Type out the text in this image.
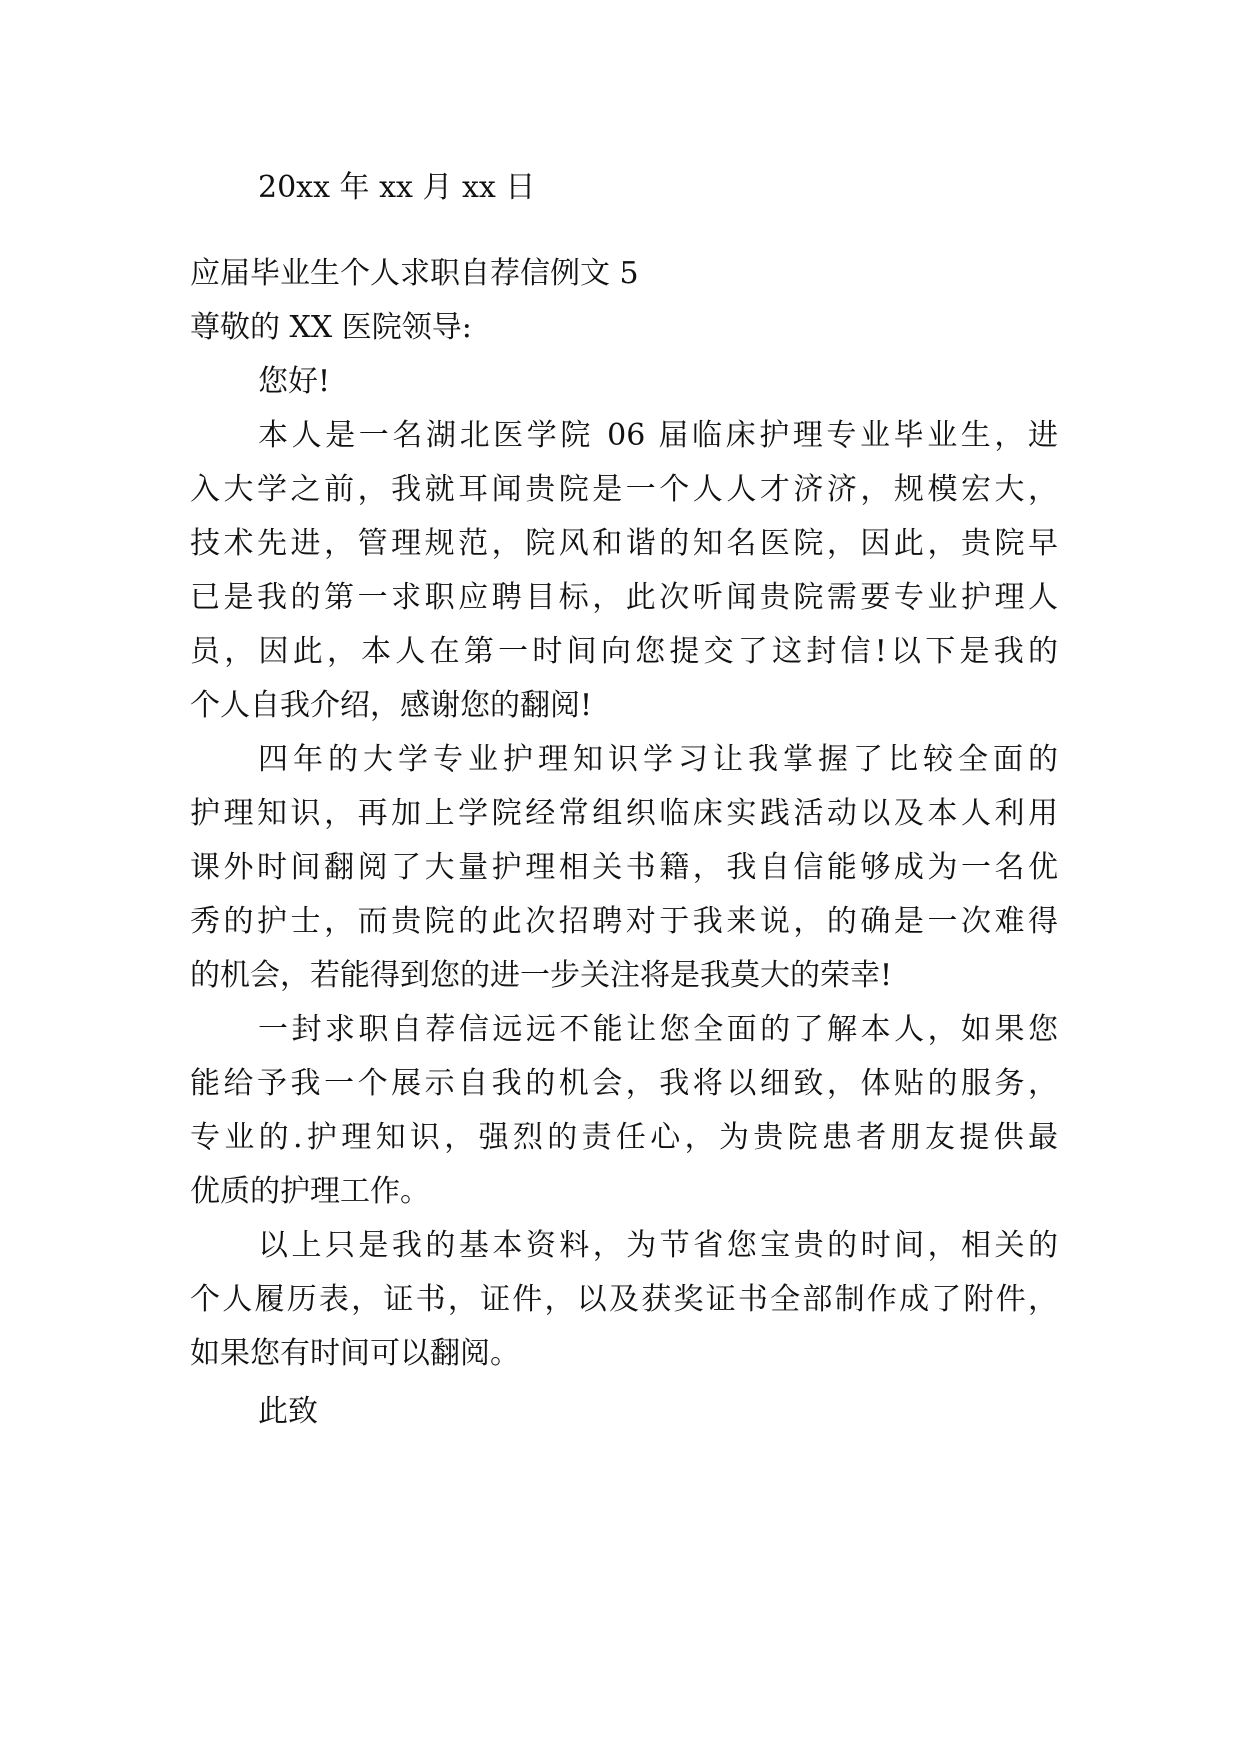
20xx 年 xx 月 xx 日
应届毕业生个人求职自荐信例文 5
尊敬的 XX 医院领导:
您好!
本人是一名湖北医学院 06 届临床护理专业毕业生，进
入大学之前，我就耳闻贵院是一个人人才济济，规模宏大，
技术先进，管理规范，院风和谐的知名医院，因此，贵院早
已是我的第一求职应聘目标，此次听闻贵院需要专业护理人
员，因此，本人在第一时间向您提交了这封信!以下是我的
个人自我介绍，感谢您的翻阅!
四年的大学专业护理知识学习让我掌握了比较全面的
护理知识，再加上学院经常组织临床实践活动以及本人利用
课外时间翻阅了大量护理相关书籍，我自信能够成为一名优
秀的护士，而贵院的此次招聘对于我来说，的确是一次难得
的机会，若能得到您的进一步关注将是我莫大的荣幸!
一封求职自荐信远远不能让您全面的了解本人，如果您
能给予我一个展示自我的机会，我将以细致，体贴的服务，
专业的.护理知识，强烈的责任心，为贵院患者朋友提供最
优质的护理工作。
以上只是我的基本资料，为节省您宝贵的时间，相关的
个人履历表，证书，证件，以及获奖证书全部制作成了附件，
如果您有时间可以翻阅。
此致
